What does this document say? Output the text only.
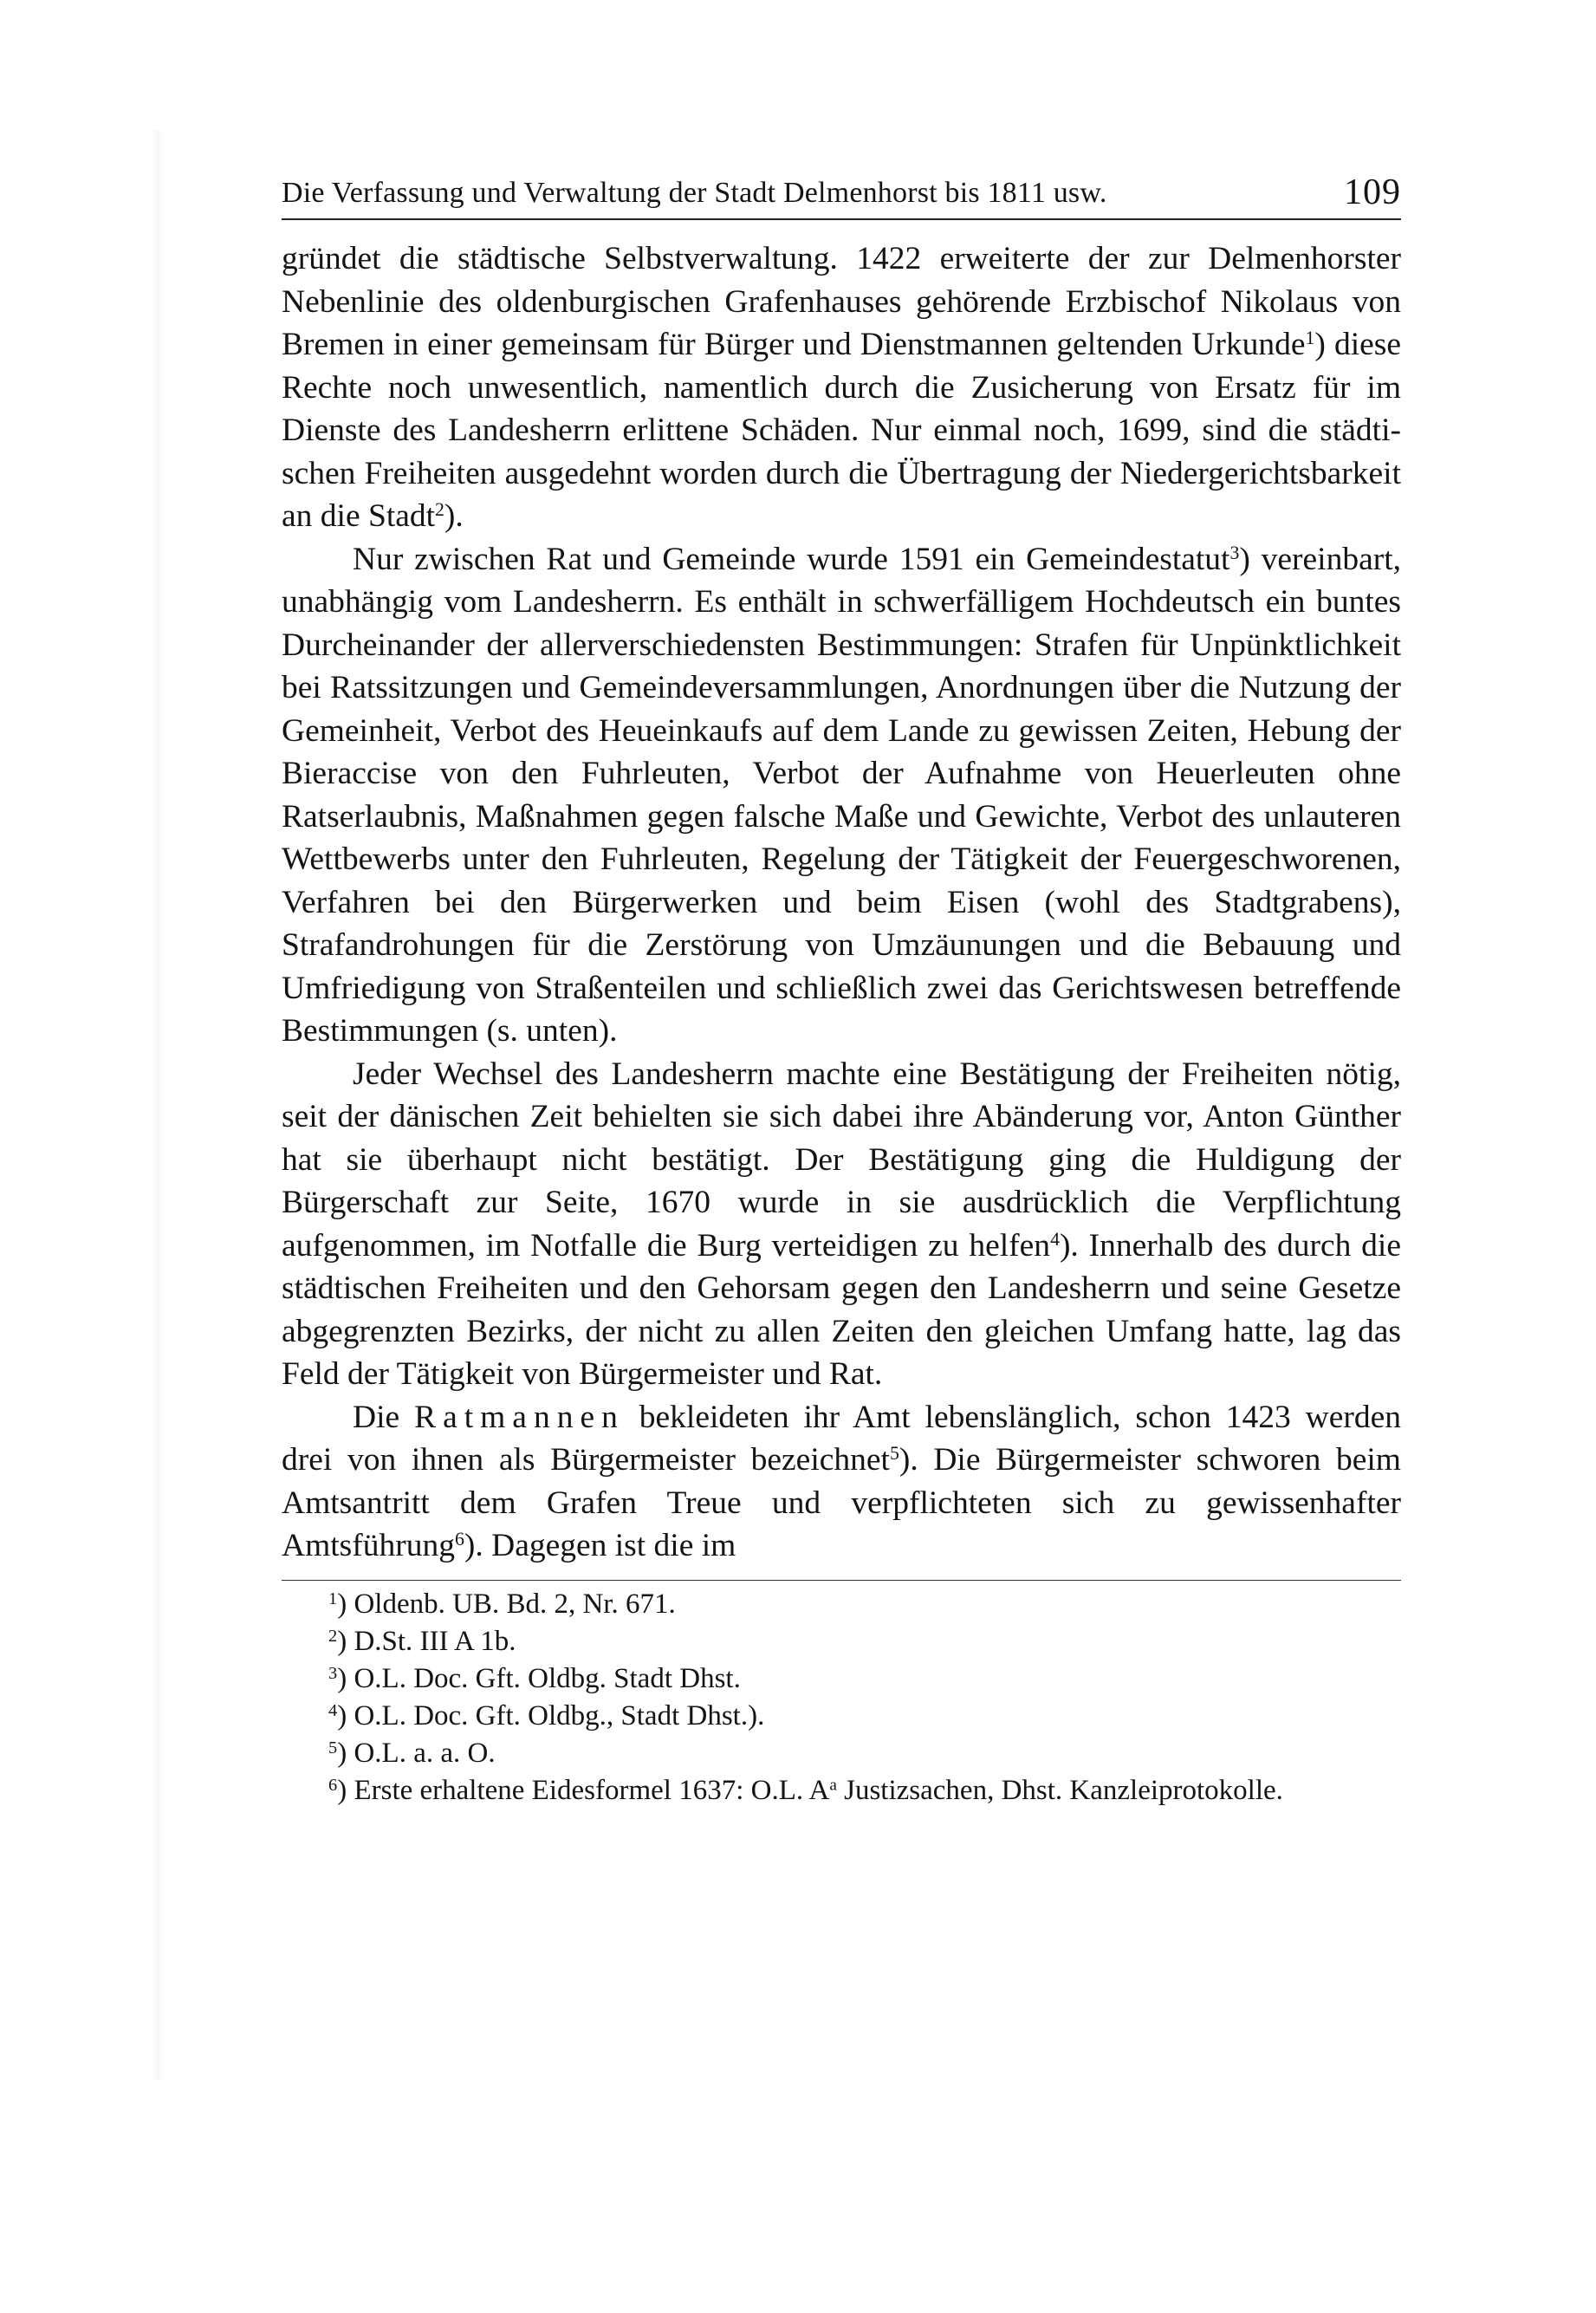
Die Verfassung und Verwaltung der Stadt Delmenhorst bis 1811 usw.	109

gründet die städtische Selbstverwaltung. 1422 erweiterte der zur Delmenhorster Nebenlinie des oldenburgischen Grafenhauses gehörende Erzbischof Nikolaus von Bremen in einer gemeinsam für Bürger und Dienstmannen geltenden Urkunde$^1$) diese Rechte noch unwesentlich, namentlich durch die Zusicherung von Ersatz für im Dienste des Landesherrn erlittene Schäden. Nur einmal noch, 1699, sind die städtischen Freiheiten ausgedehnt worden durch die Übertragung der Niedergerichtsbarkeit an die Stadt$^2$).

Nur zwischen Rat und Gemeinde wurde 1591 ein Gemeindestatut$^3$) vereinbart, unabhängig vom Landesherrn. Es enthält in schwerfälligem Hochdeutsch ein buntes Durcheinander der allerverschiedensten Bestimmungen: Strafen für Unpünktlichkeit bei Ratssitzungen und Gemeindeversammlungen, Anordnungen über die Nutzung der Gemeinheit, Verbot des Heueinkaufs auf dem Lande zu gewissen Zeiten, Hebung der Bieraccise von den Fuhrleuten, Verbot der Aufnahme von Heuerleuten ohne Ratserlaubnis, Maßnahmen gegen falsche Maße und Gewichte, Verbot des unlauteren Wettbewerbs unter den Fuhrleuten, Regelung der Tätigkeit der Feuergeschworenen, Verfahren bei den Bürgerwerken und beim Eisen (wohl des Stadtgrabens), Strafandrohungen für die Zerstörung von Umzäunungen und die Bebauung und Umfriedigung von Straßenteilen und schließlich zwei das Gerichtswesen betreffende Bestimmungen (s. unten).

Jeder Wechsel des Landesherrn machte eine Bestätigung der Freiheiten nötig, seit der dänischen Zeit behielten sie sich dabei ihre Abänderung vor, Anton Günther hat sie überhaupt nicht bestätigt. Der Bestätigung ging die Huldigung der Bürgerschaft zur Seite, 1670 wurde in sie ausdrücklich die Verpflichtung aufgenommen, im Notfalle die Burg verteidigen zu helfen$^4$). Innerhalb des durch die städtischen Freiheiten und den Gehorsam gegen den Landesherrn und seine Gesetze abgegrenzten Bezirks, der nicht zu allen Zeiten den gleichen Umfang hatte, lag das Feld der Tätigkeit von Bürgermeister und Rat.

Die Ratmannen bekleideten ihr Amt lebenslänglich, schon 1423 werden drei von ihnen als Bürgermeister bezeichnet$^5$). Die Bürgermeister schworen beim Amtsantritt dem Grafen Treue und verpflichteten sich zu gewissenhafter Amtsführung$^6$). Dagegen ist die im

$^1$) Oldenb. UB. Bd. 2, Nr. 671.
$^2$) D.St. III A 1b.
$^3$) O.L. Doc. Gft. Oldbg. Stadt Dhst.
$^4$) O.L. Doc. Gft. Oldbg., Stadt Dhst.).
$^5$) O.L. a. a. O.
$^6$) Erste erhaltene Eidesformel 1637: O.L. $A^a$ Justizsachen, Dhst. Kanzleiprotokolle.
